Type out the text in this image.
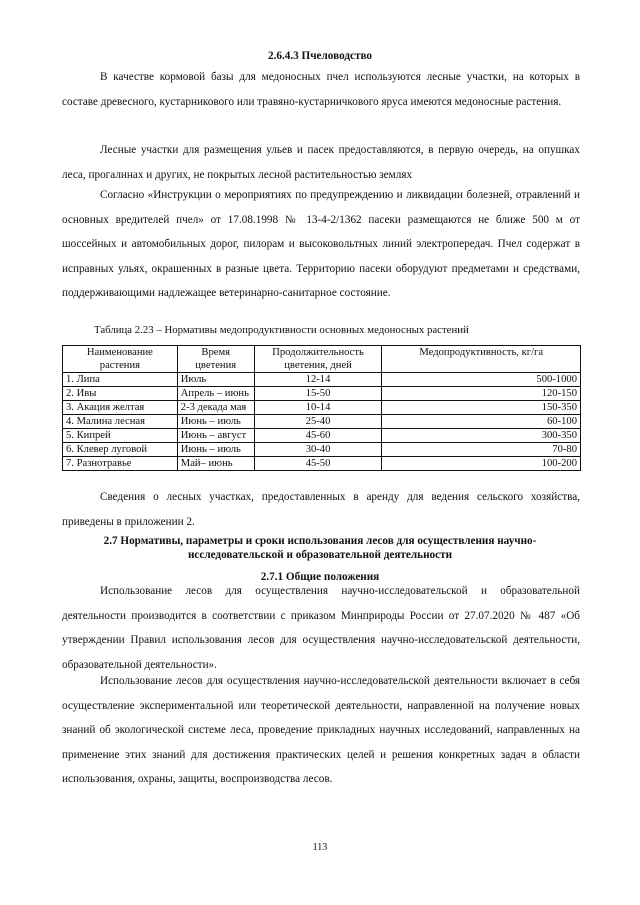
2.6.4.3 Пчеловодство

В качестве кормовой базы для медоносных пчел используются лесные участки, на которых в составе древесного, кустарникового или травяно-кустарничкового яруса имеются медоносные растения.

Лесные участки для размещения ульев и пасек предоставляются, в первую очередь, на опушках леса, прогалинах и других, не покрытых лесной растительностью землях

Согласно «Инструкции о мероприятиях по предупреждению и ликвидации болезней, отравлений и основных вредителей пчел» от 17.08.1998 № 13-4-2/1362 пасеки размещаются не ближе 500 м от шоссейных и автомобильных дорог, пилорам и высоковольтных линий электропередач. Пчел содержат в исправных ульях, окрашенных в разные цвета. Территорию пасеки оборудуют предметами и средствами, поддерживающими надлежащее ветеринарно-санитарное состояние.

Таблица 2.23 – Нормативы медопродуктивности основных медоносных растений
Наименование растения	Время цветения	Продолжительность цветения, дней	Медопродуктивность, кг/га
1. Липа	Июль	12-14	500-1000
2. Ивы	Апрель – июнь	15-50	120-150
3. Акация желтая	2-3 декада мая	10-14	150-350
4. Малина лесная	Июнь – июль	25-40	60-100
5. Кипрей	Июнь – август	45-60	300-350
6. Клевер луговой	Июнь – июль	30-40	70-80
7. Разнотравье	Май– июнь	45-50	100-200

Сведения о лесных участках, предоставленных в аренду для ведения сельского хозяйства, приведены в приложении 2.

2.7 Нормативы, параметры и сроки использования лесов для осуществления научно-
исследовательской и образовательной деятельности
2.7.1 Общие положения

Использование лесов для осуществления научно-исследовательской и образовательной деятельности производится в соответствии с приказом Минприроды России от 27.07.2020 № 487 «Об утверждении Правил использования лесов для осуществления научно-исследовательской деятельности, образовательной деятельности».

Использование лесов для осуществления научно-исследовательской деятельности включает в себя осуществление экспериментальной или теоретической деятельности, направленной на получение новых знаний об экологической системе леса, проведение прикладных научных исследований, направленных на применение этих знаний для достижения практических целей и решения конкретных задач в области использования, охраны, защиты, воспроизводства лесов.

113
